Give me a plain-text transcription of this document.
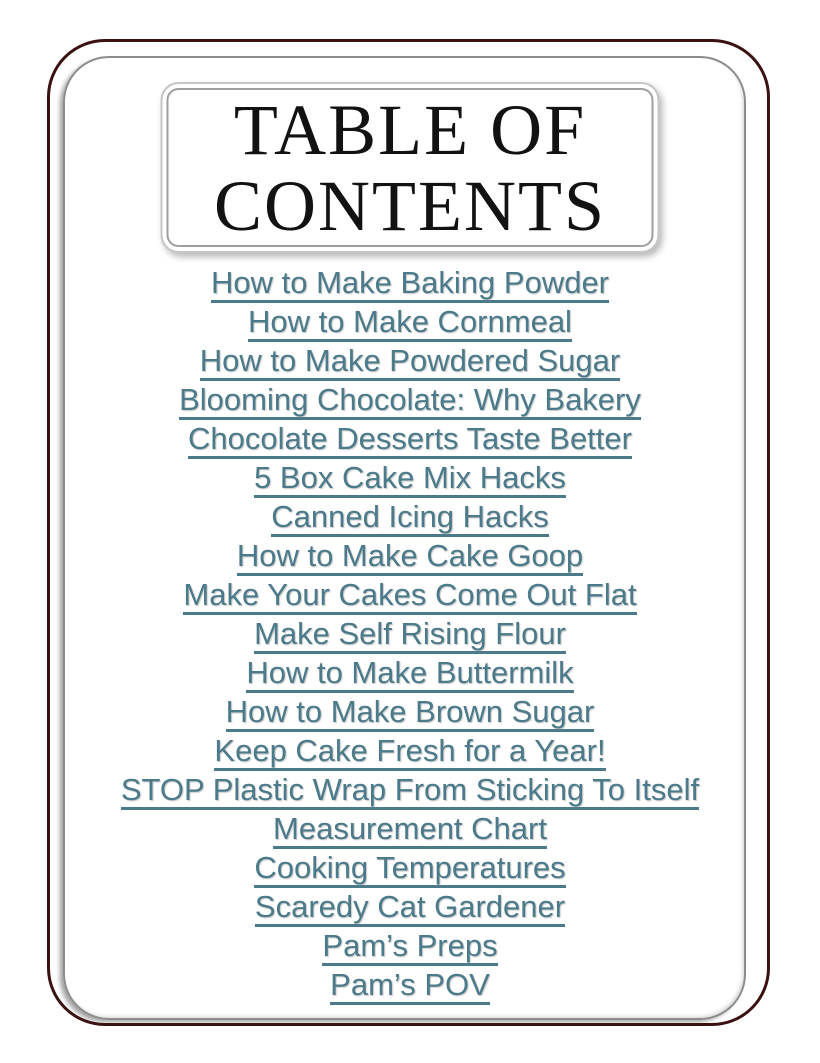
TABLE OF
CONTENTS
How to Make Baking Powder
How to Make Cornmeal
How to Make Powdered Sugar
Blooming Chocolate: Why Bakery
Chocolate Desserts Taste Better
5 Box Cake Mix Hacks
Canned Icing Hacks
How to Make Cake Goop
Make Your Cakes Come Out Flat
Make Self Rising Flour
How to Make Buttermilk
How to Make Brown Sugar
Keep Cake Fresh for a Year!
STOP Plastic Wrap From Sticking To Itself
Measurement Chart
Cooking Temperatures
Scaredy Cat Gardener
Pam’s Preps
Pam’s POV
